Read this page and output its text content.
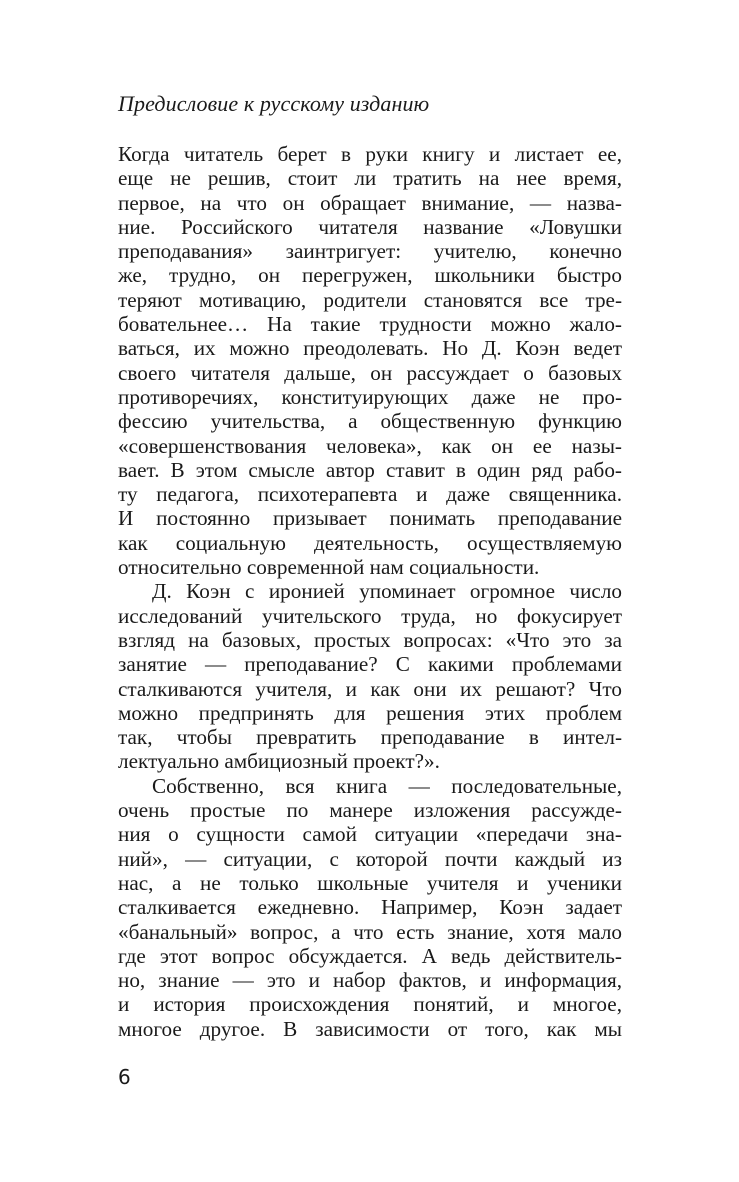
Предисловие к русскому изданию
Когда читатель берет в руки книгу и листает ее,
еще не решив, стоит ли тратить на нее время,
первое, на что он обращает внимание, — назва-
ние. Российского читателя название «Ловушки
преподавания» заинтригует: учителю, конечно
же, трудно, он перегружен, школьники быстро
теряют мотивацию, родители становятся все тре-
бовательнее… На такие трудности можно жало-
ваться, их можно преодолевать. Но Д. Коэн ведет
своего читателя дальше, он рассуждает о базовых
противоречиях, конституирующих даже не про-
фессию учительства, а общественную функцию
«совершенствования человека», как он ее назы-
вает. В этом смысле автор ставит в один ряд рабо-
ту педагога, психотерапевта и даже священника.
И постоянно призывает понимать преподавание
как социальную деятельность, осуществляемую
относительно современной нам социальности.
Д. Коэн с иронией упоминает огромное число
исследований учительского труда, но фокусирует
взгляд на базовых, простых вопросах: «Что это за
занятие — преподавание? С какими проблемами
сталкиваются учителя, и как они их решают? Что
можно предпринять для решения этих проблем
так, чтобы превратить преподавание в интел-
лектуально амбициозный проект?».
Собственно, вся книга — последовательные,
очень простые по манере изложения рассужде-
ния о сущности самой ситуации «передачи зна-
ний», — ситуации, с которой почти каждый из
нас, а не только школьные учителя и ученики
сталкивается ежедневно. Например, Коэн задает
«банальный» вопрос, а что есть знание, хотя мало
где этот вопрос обсуждается. А ведь действитель-
но, знание — это и набор фактов, и информация,
и история происхождения понятий, и многое,
многое другое. В зависимости от того, как мы
6
